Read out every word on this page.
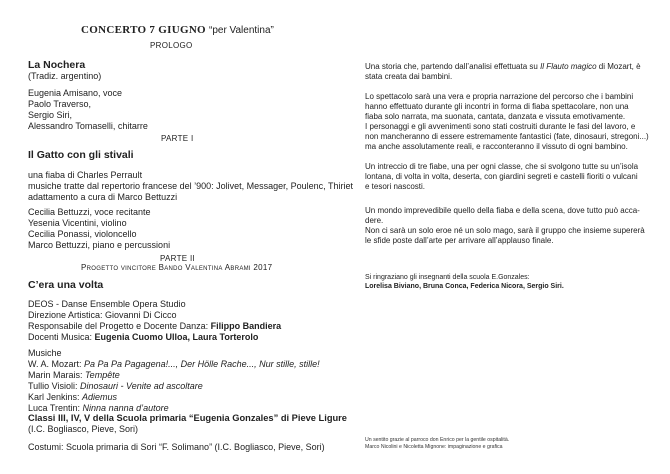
CONCERTO 7 GIUGNO “per Valentina”
PROLOGO
La Nochera
(Tradiz. argentino)
Eugenia Amisano, voce
Paolo Traverso,
Sergio Siri,
Alessandro Tomaselli, chitarre
PARTE I
Il Gatto con gli stivali
una fiaba di Charles Perrault
musiche tratte dal repertorio francese del ’900: Jolivet, Messager, Poulenc, Thiriet
adattamento a cura di Marco Bettuzzi
Cecilia Bettuzzi, voce recitante
Yesenia Vicentini, violino
Cecilia Ponassi, violoncello
Marco Bettuzzi, piano e percussioni
PARTE II
Progetto vincitore Bando Valentina Abrami 2017
C’era una volta
DEOS - Danse Ensemble Opera Studio
Direzione Artistica: Giovanni Di Cicco
Responsabile del Progetto e Docente Danza: Filippo Bandiera
Docenti Musica: Eugenia Cuomo Ulloa, Laura Torterolo
Musiche
W. A. Mozart: Pa Pa Pa Pagagena!..., Der Hölle Rache..., Nur stille, stille!
Marin Marais: Tempête
Tullio Visioli: Dinosauri - Venite ad ascoltare
Karl Jenkins: Adiemus
Luca Trentin: Ninna nanna d’autore
Classi III, IV, V della Scuola primaria “Eugenia Gonzales” di Pieve Ligure
(I.C. Bogliasco, Pieve, Sori)
Costumi: Scuola primaria di Sori “F. Solimano” (I.C. Bogliasco, Pieve, Sori)
Una storia che, partendo dall’analisi effettuata su Il Flauto magico di Mozart, è
stata creata dai bambini.
Lo spettacolo sarà una vera e propria narrazione del percorso che i bambini
hanno effettuato durante gli incontri in forma di fiaba spettacolare, non una
fiaba solo narrata, ma suonata, cantata, danzata e vissuta emotivamente.
I personaggi e gli avvenimenti sono stati costruiti durante le fasi del lavoro, e
non mancheranno di essere estremamente fantastici (fate, dinosauri, stregoni...)
ma anche assolutamente reali, e racconteranno il vissuto di ogni bambino.
Un intreccio di tre fiabe, una per ogni classe, che si svolgono tutte su un’isola
lontana, di volta in volta, deserta, con giardini segreti e castelli fioriti o vulcani
e tesori nascosti.
Un mondo imprevedibile quello della fiaba e della scena, dove tutto può acca-
dere.
Non ci sarà un solo eroe né un solo mago, sarà il gruppo che insieme supererà
le sfide poste dall’arte per arrivare all’applauso finale.
Si ringraziano gli insegnanti della scuola E.Gonzales:
Lorelisa Biviano, Bruna Conca, Federica Nicora, Sergio Siri.
Un sentito grazie al parroco don Enrico per la gentile ospitalità.
Marco Nicolini e Nicoletta Mignone: impaginazione e grafica
